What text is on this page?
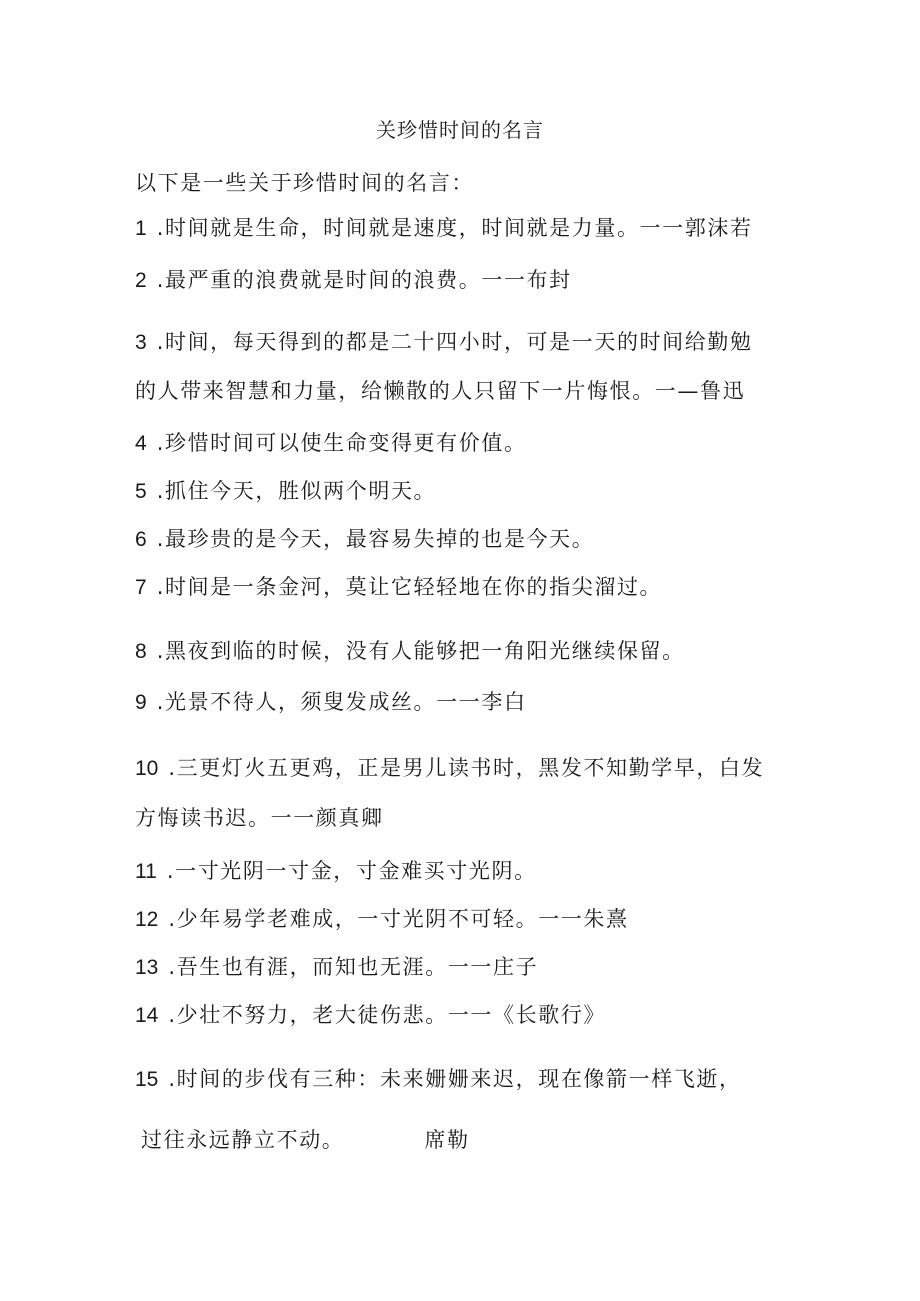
关珍惜时间的名言
以下是一些关于珍惜时间的名言：
1 .时间就是生命，时间就是速度，时间就是力量。一一郭沫若
2 .最严重的浪费就是时间的浪费。一一布封
3 .时间，每天得到的都是二十四小时，可是一天的时间给勤勉
的人带来智慧和力量，给懒散的人只留下一片悔恨。一—鲁迅
4 .珍惜时间可以使生命变得更有价值。
5 .抓住今天，胜似两个明天。
6 .最珍贵的是今天，最容易失掉的也是今天。
7 .时间是一条金河，莫让它轻轻地在你的指尖溜过。
8 .黑夜到临的时候，没有人能够把一角阳光继续保留。
9 .光景不待人，须叟发成丝。一一李白
10 .三更灯火五更鸡，正是男儿读书时，黑发不知勤学早，白发
方悔读书迟。一一颜真卿
11 .一寸光阴一寸金，寸金难买寸光阴。
12 .少年易学老难成，一寸光阴不可轻。一一朱熹
13 .吾生也有涯，而知也无涯。一一庄子
14 .少壮不努力，老大徒伤悲。一一《长歌行》
15 .时间的步伐有三种：未来姗姗来迟，现在像箭一样飞逝，
过往永远静立不动。	席勒
